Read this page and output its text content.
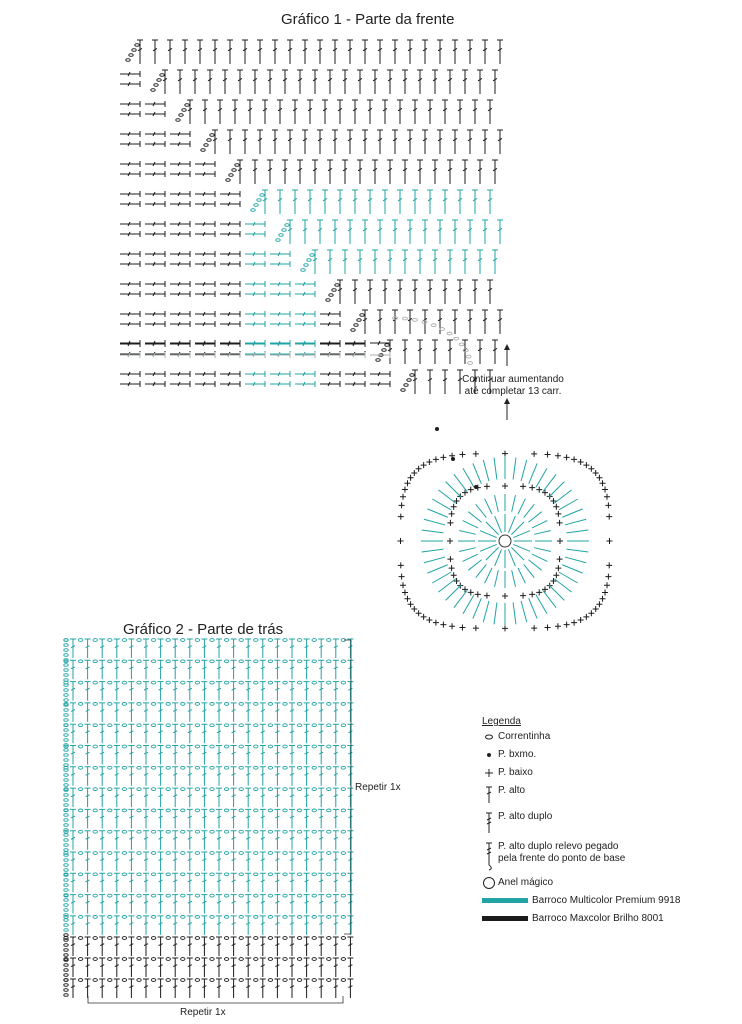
Gráfico 1 - Parte da frente
Gráfico 2 - Parte de trás
Continuar aumentando
até completar 13 carr.
Repetir 1x
Repetir 1x
Legenda
Correntinha
P. bxmo.
P. baixo
P. alto
P. alto duplo
P. alto duplo relevo pegado
pela frente do ponto de base
Anel mágico
Barroco Multicolor Premium 9918
Barroco Maxcolor Brilho 8001
